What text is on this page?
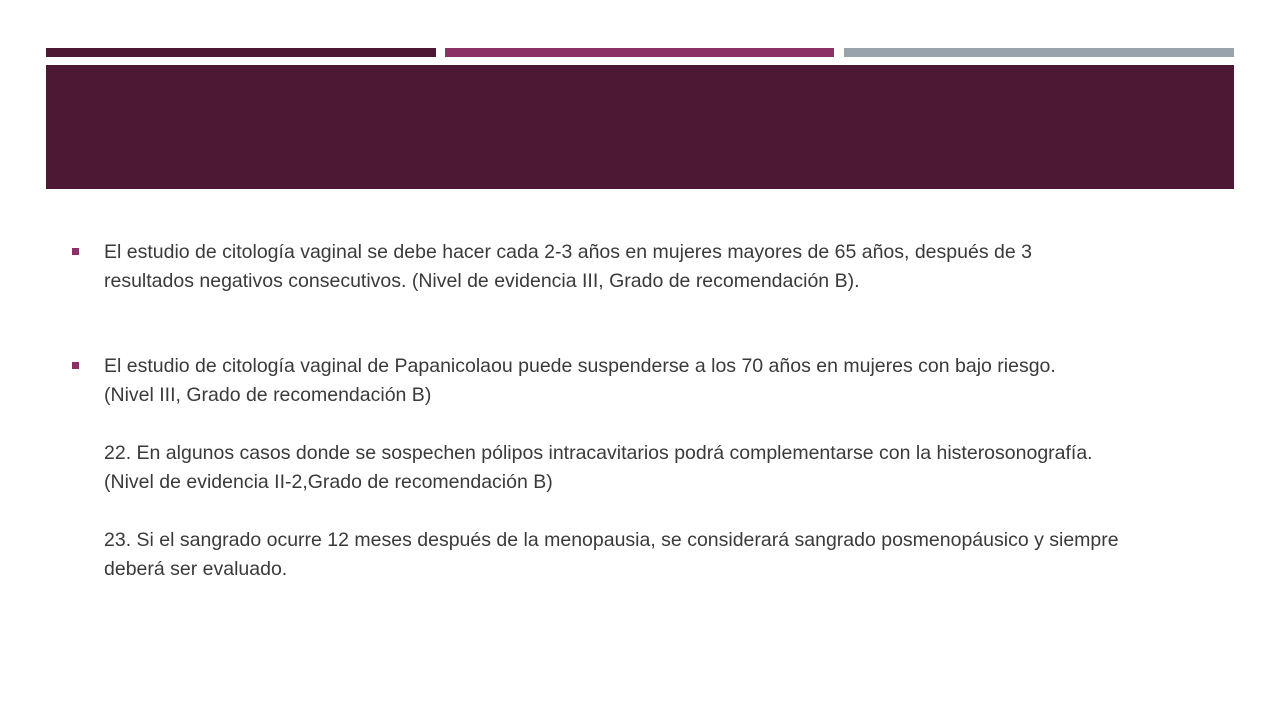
El estudio de citología vaginal se debe hacer cada 2-3 años en mujeres mayores de 65 años, después de 3
resultados negativos consecutivos. (Nivel de evidencia III, Grado de recomendación B).
El estudio de citología vaginal de Papanicolaou puede suspenderse a los 70 años en mujeres con bajo riesgo.
(Nivel III, Grado de recomendación B)
22. En algunos casos donde se sospechen pólipos intracavitarios podrá complementarse con la histerosonografía.
(Nivel de evidencia II-2,Grado de recomendación B)
23. Si el sangrado ocurre 12 meses después de la menopausia, se considerará sangrado posmenopáusico y siempre
deberá ser evaluado.
